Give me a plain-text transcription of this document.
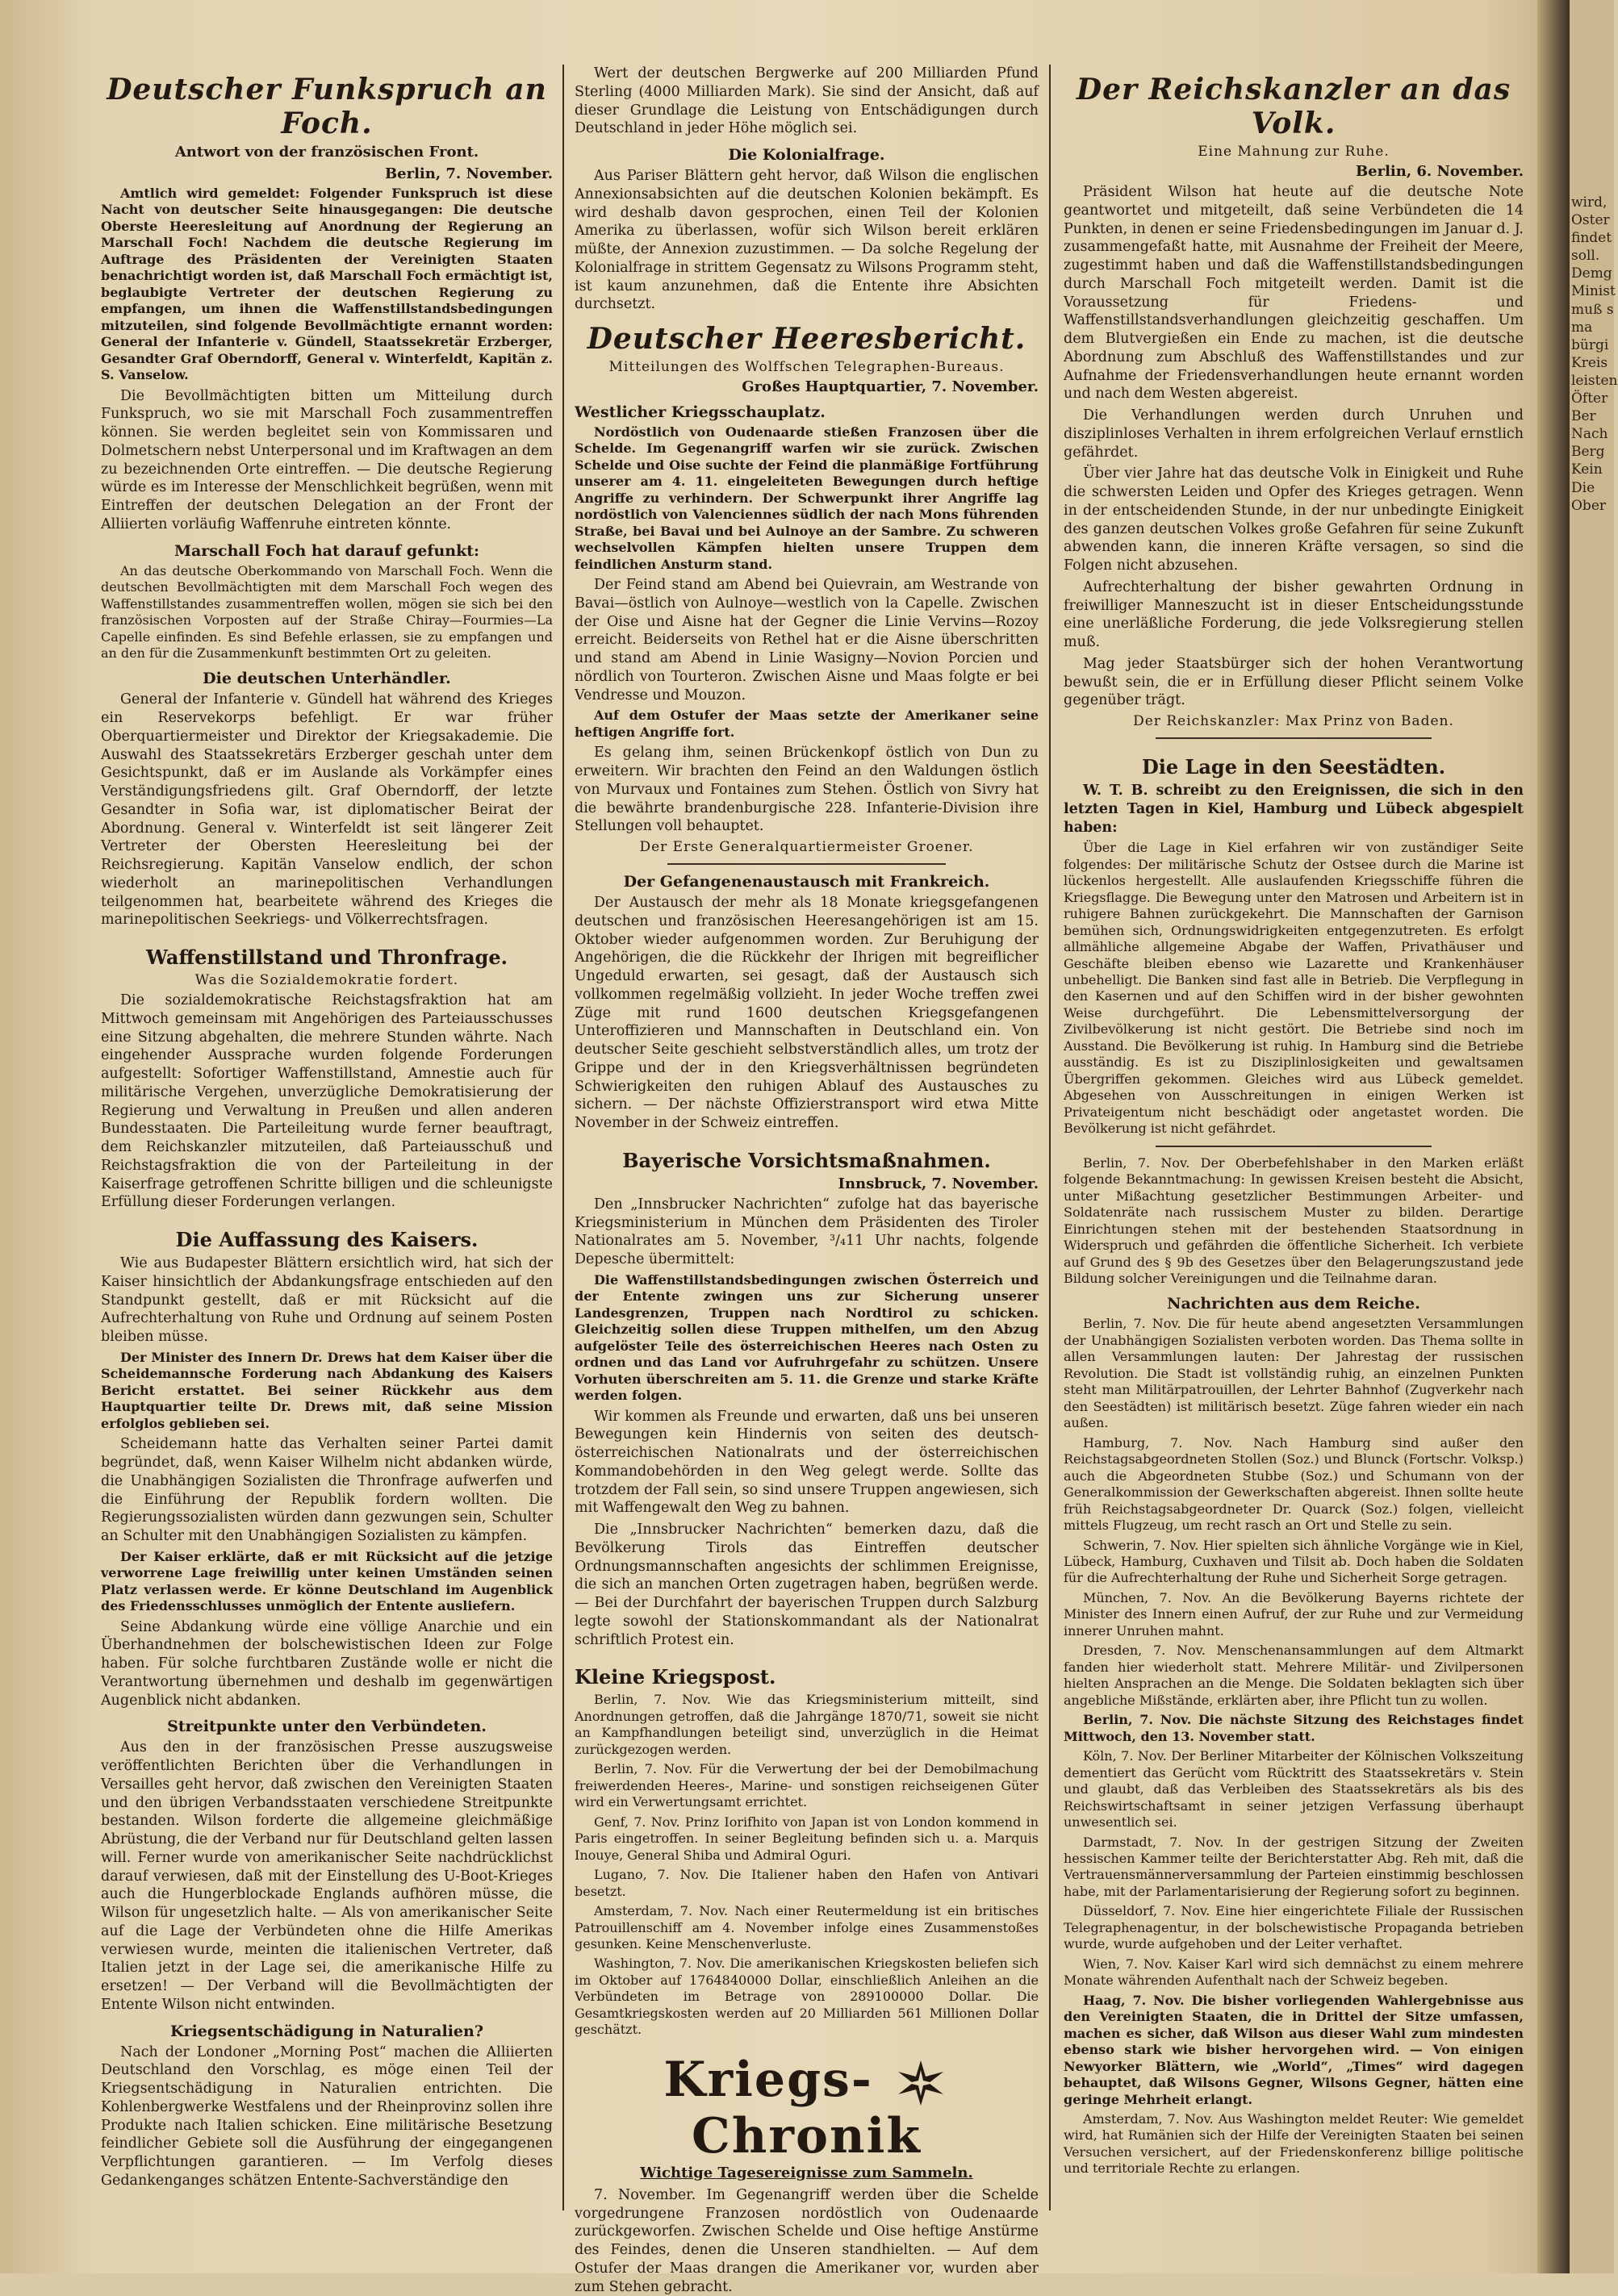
Deutscher Funkspruch an Foch.
Antwort von der französischen Front.
Berlin, 7. November.

Amtlich wird gemeldet: Folgender Funkspruch ist diese Nacht von deutscher Seite hinausgegangen: Die deutsche Oberste Heeresleitung auf Anordnung der Regierung an Marschall Foch! Nachdem die deutsche Regierung im Auftrage des Präsidenten der Vereinigten Staaten benachrichtigt worden ist, daß Marschall Foch ermächtigt ist, beglaubigte Vertreter der deutschen Regierung zu empfangen, um ihnen die Waffenstillstandsbedingungen mitzuteilen, sind folgende Bevollmächtigte ernannt worden: General der Infanterie v. Gündell, Staatssekretär Erzberger, Gesandter Graf Oberndorff, General v. Winterfeldt, Kapitän z. S. Vanselow.

Die Bevollmächtigten bitten um Mitteilung durch Funkspruch, wo sie mit Marschall Foch zusammentreffen können. Sie werden begleitet sein von Kommissaren und Dolmetschern nebst Unterpersonal und im Kraftwagen an dem zu bezeichnenden Orte eintreffen. — Die deutsche Regierung würde es im Interesse der Menschlichkeit begrüßen, wenn mit Eintreffen der deutschen Delegation an der Front der Alliierten vorläufig Waffenruhe eintreten könnte.

Marschall Foch hat darauf gefunkt:

An das deutsche Oberkommando von Marschall Foch. Wenn die deutschen Bevollmächtigten mit dem Marschall Foch wegen des Waffenstillstandes zusammentreffen wollen, mögen sie sich bei den französischen Vorposten auf der Straße Chiray—Fourmies—La Capelle einfinden. Es sind Befehle erlassen, sie zu empfangen und an den für die Zusammenkunft bestimmten Ort zu geleiten.

Die deutschen Unterhändler.

General der Infanterie v. Gündell hat während des Krieges ein Reservekorps befehligt. Er war früher Oberquartiermeister und Direktor der Kriegsakademie. Die Auswahl des Staatssekretärs Erzberger geschah unter dem Gesichtspunkt, daß er im Auslande als Vorkämpfer eines Verständigungsfriedens gilt. Graf Oberndorff, der letzte Gesandter in Sofia war, ist diplomatischer Beirat der Abordnung. General v. Winterfeldt ist seit längerer Zeit Vertreter der Obersten Heeresleitung bei der Reichsregierung. Kapitän Vanselow endlich, der schon wiederholt an marinepolitischen Verhandlungen teilgenommen hat, bearbeitete während des Krieges die marinepolitischen Seekriegs- und Völkerrechtsfragen.

Waffenstillstand und Thronfrage.
Was die Sozialdemokratie fordert.

Die sozialdemokratische Reichstagsfraktion hat am Mittwoch gemeinsam mit Angehörigen des Parteiausschusses eine Sitzung abgehalten, die mehrere Stunden währte. Nach eingehender Aussprache wurden folgende Forderungen aufgestellt: Sofortiger Waffenstillstand, Amnestie auch für militärische Vergehen, unverzügliche Demokratisierung der Regierung und Verwaltung in Preußen und allen anderen Bundesstaaten. Die Parteileitung wurde ferner beauftragt, dem Reichskanzler mitzuteilen, daß Parteiausschuß und Reichstagsfraktion die von der Parteileitung in der Kaiserfrage getroffenen Schritte billigen und die schleunigste Erfüllung dieser Forderungen verlangen.

Die Auffassung des Kaisers.

Wie aus Budapester Blättern ersichtlich wird, hat sich der Kaiser hinsichtlich der Abdankungsfrage entschieden auf den Standpunkt gestellt, daß er mit Rücksicht auf die Aufrechterhaltung von Ruhe und Ordnung auf seinem Posten bleiben müsse.

Der Minister des Innern Dr. Drews hat dem Kaiser über die Scheidemannsche Forderung nach Abdankung des Kaisers Bericht erstattet. Bei seiner Rückkehr aus dem Hauptquartier teilte Dr. Drews mit, daß seine Mission erfolglos geblieben sei.

Scheidemann hatte das Verhalten seiner Partei damit begründet, daß, wenn Kaiser Wilhelm nicht abdanken würde, die Unabhängigen Sozialisten die Thronfrage aufwerfen und die Einführung der Republik fordern wollten. Die Regierungssozialisten würden dann gezwungen sein, Schulter an Schulter mit den Unabhängigen Sozialisten zu kämpfen.

Der Kaiser erklärte, daß er mit Rücksicht auf die jetzige verworrene Lage freiwillig unter keinen Umständen seinen Platz verlassen werde. Er könne Deutschland im Augenblick des Friedensschlusses unmöglich der Entente ausliefern.

Seine Abdankung würde eine völlige Anarchie und ein Überhandnehmen der bolschewistischen Ideen zur Folge haben. Für solche furchtbaren Zustände wolle er nicht die Verantwortung übernehmen und deshalb im gegenwärtigen Augenblick nicht abdanken.

Streitpunkte unter den Verbündeten.

Aus den in der französischen Presse auszugsweise veröffentlichten Berichten über die Verhandlungen in Versailles geht hervor, daß zwischen den Vereinigten Staaten und den übrigen Verbandsstaaten verschiedene Streitpunkte bestanden. Wilson forderte die allgemeine gleichmäßige Abrüstung, die der Verband nur für Deutschland gelten lassen will. Ferner wurde von amerikanischer Seite nachdrücklichst darauf verwiesen, daß mit der Einstellung des U-Boot-Krieges auch die Hungerblockade Englands aufhören müsse, die Wilson für ungesetzlich halte. — Als von amerikanischer Seite auf die Lage der Verbündeten ohne die Hilfe Amerikas verwiesen wurde, meinten die italienischen Vertreter, daß Italien jetzt in der Lage sei, die amerikanische Hilfe zu ersetzen! — Der Verband will die Bevollmächtigten der Entente Wilson nicht entwinden.

Kriegsentschädigung in Naturalien?

Nach der Londoner „Morning Post“ machen die Alliierten Deutschland den Vorschlag, es möge einen Teil der Kriegsentschädigung in Naturalien entrichten. Die Kohlenbergwerke Westfalens und der Rheinprovinz sollen ihre Produkte nach Italien schicken. Eine militärische Besetzung feindlicher Gebiete soll die Ausführung der eingegangenen Verpflichtungen garantieren. — Im Verfolg dieses Gedankenganges schätzen Entente-Sachverständige den

Wert der deutschen Bergwerke auf 200 Milliarden Pfund Sterling (4000 Milliarden Mark). Sie sind der Ansicht, daß auf dieser Grundlage die Leistung von Entschädigungen durch Deutschland in jeder Höhe möglich sei.

Die Kolonialfrage.

Aus Pariser Blättern geht hervor, daß Wilson die englischen Annexionsabsichten auf die deutschen Kolonien bekämpft. Es wird deshalb davon gesprochen, einen Teil der Kolonien Amerika zu überlassen, wofür sich Wilson bereit erklären müßte, der Annexion zuzustimmen. — Da solche Regelung der Kolonialfrage in strittem Gegensatz zu Wilsons Programm steht, ist kaum anzunehmen, daß die Entente ihre Absichten durchsetzt.

Deutscher Heeresbericht.
Mitteilungen des Wolffschen Telegraphen-Bureaus.
Großes Hauptquartier, 7. November.
Westlicher Kriegsschauplatz.

Nordöstlich von Oudenaarde stießen Franzosen über die Schelde. Im Gegenangriff warfen wir sie zurück. Zwischen Schelde und Oise suchte der Feind die planmäßige Fortführung unserer am 4. 11. eingeleiteten Bewegungen durch heftige Angriffe zu verhindern. Der Schwerpunkt ihrer Angriffe lag nordöstlich von Valenciennes südlich der nach Mons führenden Straße, bei Bavai und bei Aulnoye an der Sambre. Zu schweren wechselvollen Kämpfen hielten unsere Truppen dem feindlichen Ansturm stand.

Der Feind stand am Abend bei Quievrain, am Westrande von Bavai—östlich von Aulnoye—westlich von la Capelle. Zwischen der Oise und Aisne hat der Gegner die Linie Vervins—Rozoy erreicht. Beiderseits von Rethel hat er die Aisne überschritten und stand am Abend in Linie Wasigny—Novion Porcien und nördlich von Tourteron. Zwischen Aisne und Maas folgte er bei Vendresse und Mouzon.

Auf dem Ostufer der Maas setzte der Amerikaner seine heftigen Angriffe fort.

Es gelang ihm, seinen Brückenkopf östlich von Dun zu erweitern. Wir brachten den Feind an den Waldungen östlich von Murvaux und Fontaines zum Stehen. Östlich von Sivry hat die bewährte brandenburgische 228. Infanterie-Division ihre Stellungen voll behauptet.

Der Erste Generalquartiermeister Groener.
Der Gefangenenaustausch mit Frankreich.

Der Austausch der mehr als 18 Monate kriegsgefangenen deutschen und französischen Heeresangehörigen ist am 15. Oktober wieder aufgenommen worden. Zur Beruhigung der Angehörigen, die die Rückkehr der Ihrigen mit begreiflicher Ungeduld erwarten, sei gesagt, daß der Austausch sich vollkommen regelmäßig vollzieht. In jeder Woche treffen zwei Züge mit rund 1600 deutschen Kriegsgefangenen Unteroffizieren und Mannschaften in Deutschland ein. Von deutscher Seite geschieht selbstverständlich alles, um trotz der Grippe und der in den Kriegsverhältnissen begründeten Schwierigkeiten den ruhigen Ablauf des Austausches zu sichern. — Der nächste Offizierstransport wird etwa Mitte November in der Schweiz eintreffen.

Bayerische Vorsichtsmaßnahmen.
Innsbruck, 7. November.

Den „Innsbrucker Nachrichten“ zufolge hat das bayerische Kriegsministerium in München dem Präsidenten des Tiroler Nationalrates am 5. November, ³/₄11 Uhr nachts, folgende Depesche übermittelt:

Die Waffenstillstandsbedingungen zwischen Österreich und der Entente zwingen uns zur Sicherung unserer Landesgrenzen, Truppen nach Nordtirol zu schicken. Gleichzeitig sollen diese Truppen mithelfen, um den Abzug aufgelöster Teile des österreichischen Heeres nach Osten zu ordnen und das Land vor Aufruhrgefahr zu schützen. Unsere Vorhuten überschreiten am 5. 11. die Grenze und starke Kräfte werden folgen.

Wir kommen als Freunde und erwarten, daß uns bei unseren Bewegungen kein Hindernis von seiten des deutsch-österreichischen Nationalrats und der österreichischen Kommandobehörden in den Weg gelegt werde. Sollte das trotzdem der Fall sein, so sind unsere Truppen angewiesen, sich mit Waffengewalt den Weg zu bahnen.

Die „Innsbrucker Nachrichten“ bemerken dazu, daß die Bevölkerung Tirols das Eintreffen deutscher Ordnungsmannschaften angesichts der schlimmen Ereignisse, die sich an manchen Orten zugetragen haben, begrüßen werde. — Bei der Durchfahrt der bayerischen Truppen durch Salzburg legte sowohl der Stationskommandant als der Nationalrat schriftlich Protest ein.

Kleine Kriegspost.

Berlin, 7. Nov. Wie das Kriegsministerium mitteilt, sind Anordnungen getroffen, daß die Jahrgänge 1870/71, soweit sie nicht an Kampfhandlungen beteiligt sind, unverzüglich in die Heimat zurückgezogen werden.

Berlin, 7. Nov. Für die Verwertung der bei der Demobilmachung freiwerdenden Heeres-, Marine- und sonstigen reichseigenen Güter wird ein Verwertungsamt errichtet.

Genf, 7. Nov. Prinz Iorifhito von Japan ist von London kommend in Paris eingetroffen. In seiner Begleitung befinden sich u. a. Marquis Inouye, General Shiba und Admiral Oguri.

Lugano, 7. Nov. Die Italiener haben den Hafen von Antivari besetzt.

Amsterdam, 7. Nov. Nach einer Reutermeldung ist ein britisches Patrouillenschiff am 4. November infolge eines Zusammenstoßes gesunken. Keine Menschenverluste.

Washington, 7. Nov. Die amerikanischen Kriegskosten beliefen sich im Oktober auf 1764840000 Dollar, einschließlich Anleihen an die Verbündeten im Betrage von 289100000 Dollar. Die Gesamtkriegskosten werden auf 20 Milliarden 561 Millionen Dollar geschätzt.

Kriegs-  Chronik
Wichtige Tagesereignisse zum Sammeln.

7. November. Im Gegenangriff werden über die Schelde vorgedrungene Franzosen nordöstlich von Oudenaarde zurückgeworfen. Zwischen Schelde und Oise heftige Anstürme des Feindes, denen die Unseren standhielten. — Auf dem Ostufer der Maas drangen die Amerikaner vor, wurden aber zum Stehen gebracht.

Der Reichskanzler an das Volk.
Eine Mahnung zur Ruhe.
Berlin, 6. November.

Präsident Wilson hat heute auf die deutsche Note geantwortet und mitgeteilt, daß seine Verbündeten die 14 Punkten, in denen er seine Friedensbedingungen im Januar d. J. zusammengefaßt hatte, mit Ausnahme der Freiheit der Meere, zugestimmt haben und daß die Waffenstillstandsbedingungen durch Marschall Foch mitgeteilt werden. Damit ist die Voraussetzung für Friedens- und Waffenstillstandsverhandlungen gleichzeitig geschaffen. Um dem Blutvergießen ein Ende zu machen, ist die deutsche Abordnung zum Abschluß des Waffenstillstandes und zur Aufnahme der Friedensverhandlungen heute ernannt worden und nach dem Westen abgereist.

Die Verhandlungen werden durch Unruhen und disziplinloses Verhalten in ihrem erfolgreichen Verlauf ernstlich gefährdet.

Über vier Jahre hat das deutsche Volk in Einigkeit und Ruhe die schwersten Leiden und Opfer des Krieges getragen. Wenn in der entscheidenden Stunde, in der nur unbedingte Einigkeit des ganzen deutschen Volkes große Gefahren für seine Zukunft abwenden kann, die inneren Kräfte versagen, so sind die Folgen nicht abzusehen.

Aufrechterhaltung der bisher gewahrten Ordnung in freiwilliger Manneszucht ist in dieser Entscheidungsstunde eine unerläßliche Forderung, die jede Volksregierung stellen muß.

Mag jeder Staatsbürger sich der hohen Verantwortung bewußt sein, die er in Erfüllung dieser Pflicht seinem Volke gegenüber trägt.

Der Reichskanzler: Max Prinz von Baden.
Die Lage in den Seestädten.

W. T. B. schreibt zu den Ereignissen, die sich in den letzten Tagen in Kiel, Hamburg und Lübeck abgespielt haben:

Über die Lage in Kiel erfahren wir von zuständiger Seite folgendes: Der militärische Schutz der Ostsee durch die Marine ist lückenlos hergestellt. Alle auslaufenden Kriegsschiffe führen die Kriegsflagge. Die Bewegung unter den Matrosen und Arbeitern ist in ruhigere Bahnen zurückgekehrt. Die Mannschaften der Garnison bemühen sich, Ordnungswidrigkeiten entgegenzutreten. Es erfolgt allmähliche allgemeine Abgabe der Waffen, Privathäuser und Geschäfte bleiben ebenso wie Lazarette und Krankenhäuser unbehelligt. Die Banken sind fast alle in Betrieb. Die Verpflegung in den Kasernen und auf den Schiffen wird in der bisher gewohnten Weise durchgeführt. Die Lebensmittelversorgung der Zivilbevölkerung ist nicht gestört. Die Betriebe sind noch im Ausstand. Die Bevölkerung ist ruhig. In Hamburg sind die Betriebe ausständig. Es ist zu Disziplinlosigkeiten und gewaltsamen Übergriffen gekommen. Gleiches wird aus Lübeck gemeldet. Abgesehen von Ausschreitungen in einigen Werken ist Privateigentum nicht beschädigt oder angetastet worden. Die Bevölkerung ist nicht gefährdet.

Berlin, 7. Nov. Der Oberbefehlshaber in den Marken erläßt folgende Bekanntmachung: In gewissen Kreisen besteht die Absicht, unter Mißachtung gesetzlicher Bestimmungen Arbeiter- und Soldatenräte nach russischem Muster zu bilden. Derartige Einrichtungen stehen mit der bestehenden Staatsordnung in Widerspruch und gefährden die öffentliche Sicherheit. Ich verbiete auf Grund des § 9b des Gesetzes über den Belagerungszustand jede Bildung solcher Vereinigungen und die Teilnahme daran.

Nachrichten aus dem Reiche.

Berlin, 7. Nov. Die für heute abend angesetzten Versammlungen der Unabhängigen Sozialisten verboten worden. Das Thema sollte in allen Versammlungen lauten: Der Jahrestag der russischen Revolution. Die Stadt ist vollständig ruhig, an einzelnen Punkten steht man Militärpatrouillen, der Lehrter Bahnhof (Zugverkehr nach den Seestädten) ist militärisch besetzt. Züge fahren wieder ein nach außen.

Hamburg, 7. Nov. Nach Hamburg sind außer den Reichstagsabgeordneten Stollen (Soz.) und Blunck (Fortschr. Volksp.) auch die Abgeordneten Stubbe (Soz.) und Schumann von der Generalkommission der Gewerkschaften abgereist. Ihnen sollte heute früh Reichstagsabgeordneter Dr. Quarck (Soz.) folgen, vielleicht mittels Flugzeug, um recht rasch an Ort und Stelle zu sein.

Schwerin, 7. Nov. Hier spielten sich ähnliche Vorgänge wie in Kiel, Lübeck, Hamburg, Cuxhaven und Tilsit ab. Doch haben die Soldaten für die Aufrechterhaltung der Ruhe und Sicherheit Sorge getragen.

München, 7. Nov. An die Bevölkerung Bayerns richtete der Minister des Innern einen Aufruf, der zur Ruhe und zur Vermeidung innerer Unruhen mahnt.

Dresden, 7. Nov. Menschenansammlungen auf dem Altmarkt fanden hier wiederholt statt. Mehrere Militär- und Zivilpersonen hielten Ansprachen an die Menge. Die Soldaten beklagten sich über angebliche Mißstände, erklärten aber, ihre Pflicht tun zu wollen.

Berlin, 7. Nov. Die nächste Sitzung des Reichstages findet Mittwoch, den 13. November statt.

Köln, 7. Nov. Der Berliner Mitarbeiter der Kölnischen Volkszeitung dementiert das Gerücht vom Rücktritt des Staatssekretärs v. Stein und glaubt, daß das Verbleiben des Staatssekretärs als bis des Reichswirtschaftsamt in seiner jetzigen Verfassung überhaupt unwesentlich sei.

Darmstadt, 7. Nov. In der gestrigen Sitzung der Zweiten hessischen Kammer teilte der Berichterstatter Abg. Reh mit, daß die Vertrauensmännerversammlung der Parteien einstimmig beschlossen habe, mit der Parlamentarisierung der Regierung sofort zu beginnen.

Düsseldorf, 7. Nov. Eine hier eingerichtete Filiale der Russischen Telegraphenagentur, in der bolschewistische Propaganda betrieben wurde, wurde aufgehoben und der Leiter verhaftet.

Wien, 7. Nov. Kaiser Karl wird sich demnächst zu einem mehrere Monate währenden Aufenthalt nach der Schweiz begeben.

Haag, 7. Nov. Die bisher vorliegenden Wahlergebnisse aus den Vereinigten Staaten, die in Drittel der Sitze umfassen, machen es sicher, daß Wilson aus dieser Wahl zum mindesten ebenso stark wie bisher hervorgehen wird. — Von einigen Newyorker Blättern, wie „World“, „Times“ wird dagegen behauptet, daß Wilsons Gegner, Wilsons Gegner, hätten eine geringe Mehrheit erlangt.

Amsterdam, 7. Nov. Aus Washington meldet Reuter: Wie gemeldet wird, hat Rumänien sich der Hilfe der Vereinigten Staaten bei seinen Versuchen versichert, auf der Friedenskonferenz billige politische und territoriale Rechte zu erlangen.

wird, Oster findet soll. Demg Minist muß s ma bürgi Kreis leisten Öfter Ber Nach Berg Kein Die Ober
